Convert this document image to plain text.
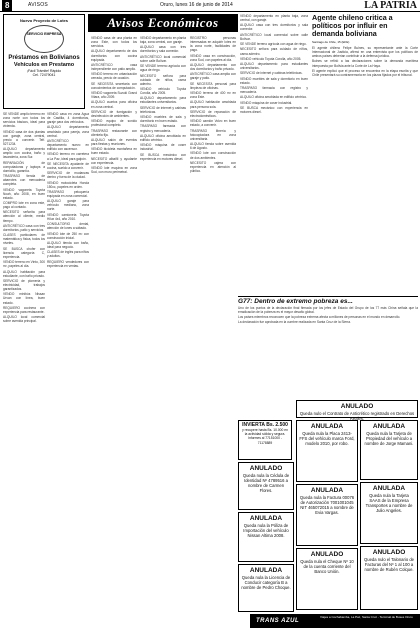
8	AVISOS	Oruro, lunes 16 de junio de 2014	LA PATRIA
Nuevo Proyecto de Lotes
SERVICIO EMPRESA
Préstamos en Bolivianos
Vehículos en Prestamo
¡Fácil Trámite! Rápido
Cel. 72479041
Avisos Económicos

SE VENDE amplio terreno en zona norte con todos los servicios básicos, ideal para vivienda.

VENDO casa de dos plantas con garaje, zona central, precio a convenir. Telf. 5271234.

ALQUILO departamento amplio con cocina, baño y lavandería, zona Sur.

REPARACIÓN de computadoras y laptops a domicilio, garantía.

TRASPASO tienda de abarrotes con mercadería completa.

VENDO vagoneta Toyota Noah, año 2008, en buen estado.

COMPRO lote en zona este, pago al contado.

NECESITO señorita para atención al cliente, medio tiempo.

ANTICRÉTICO casa con tres dormitorios, patio y servicios.

CLASES particulares de matemática y física, todos los niveles.

SE BUSCA chofer con licencia categoría C, experiencia.

VENDO terreno en Vinto, 300 m², papeles al día.

ALQUILO habitación para estudiante, con baño privado.

SERVICIO de plomería y electricidad, trabajos garantizados.

VENDO minibús Nissan Urvan con línea, buen estado.

REQUIERO cocinera con experiencia para restaurante.

ALQUILO local comercial sobre avenida principal.

VENDO casa en zona Agua de Castilla, 4 dormitorios, garaje para dos vehículos.

ALQUILO departamento amoblado para pareja, zona central.

ANTICRÉTICO departamento nuevo en edificio con ascensor.

VENDO terreno en carretera a La Paz, ideal para galpón.

SE NECESITA ayudante de cocina, sueldo a convenir.

SERVICIO de mudanzas dentro y fuera de la ciudad.

VENDO motocicleta Honda 150cc, papeles en orden.

TRASPASO peluquería equipada en zona comercial.

ALQUILO garaje para vehículo mediano, zona norte.

VENDO camioneta Toyota Hilux 4x4, año 2010.

CONSULTORIO dental, atención de lunes a sábado.

VENDO lote de 250 m² con construcción inicial.

ALQUILO tienda con baño, ideal para negocio.

CLASES de inglés para niños y adultos.

REQUIERO vendedores con experiencia en ventas.

VENDO casa de una planta en zona Este, con todos los servicios.

ALQUILO departamento de dos dormitorios con cocina equipada.

ANTICRÉTICO casa independiente con patio amplio.

VENDO terreno en urbanización cerrada, precio de ocasión.

SE NECESITA secretaria con conocimientos de computación.

VENDO vagoneta Suzuki Grand Vitara, año 2009.

ALQUILO cuartos para oficina en zona central.

SERVICIO de fumigación y desinfección de ambientes.

VENDO equipo de sonido profesional completo.

TRASPASO restaurante con clientela fija.

ALQUILO salón de eventos para fiestas y reuniones.

VENDO bicicleta montañera en buen estado.

NECESITO albañil y ayudante con experiencia.

VENDO lote esquina en zona Sud, con muro perimetral.

VENDO departamento en planta baja, zona central, con garaje.

ALQUILO casa con tres dormitorios y sala comedor.

ANTICRÉTICO local comercial sobre calle Bolívar.

SE VENDE terreno agrícola con agua de riego.

NECESITO señora para cuidado de niños, cama adentro.

VENDO vehículo Toyota Corolla, año 2005.

ALQUILO departamento para estudiantes universitarios.

SERVICIO de internet y cabinas telefónicas.

VENDO muebles de sala y dormitorio en buen estado.

TRASPASO farmacia con registro y mercadería.

ALQUILO oficina amoblada en edificio céntrico.

VENDO máquina de coser industrial.

SE BUSCA mecánico con experiencia en motores diesel.

REGISTRO personas interesadas en adquirir lotes en la zona norte, facilidades de pago.

VENDO casa en construcción, zona Sud, con papeles al día.

ALQUILO departamento con dos dormitorios y baño privado.

ANTICRÉTICO casa amplia con garaje y patio.

SE NECESITA personal para limpieza de oficinas.

VENDO terreno de 400 m² en zona Este.

ALQUILO habitación amoblada para persona sola.

SERVICIO de reparación de electrodomésticos.

VENDO camión Volvo en buen estado, a convenir.

TRASPASO librería y fotocopiadora en zona universitaria.

ALQUILO tienda sobre avenida 6 de Agosto.

VENDO lote con construcción de dos ambientes.

NECESITO cajera con experiencia en atención al público.

VENDO departamento en planta baja, zona central, con garaje.

ALQUILO casa con tres dormitorios y sala comedor.

ANTICRÉTICO local comercial sobre calle Bolívar.

SE VENDE terreno agrícola con agua de riego.

NECESITO señora para cuidado de niños, cama adentro.

VENDO vehículo Toyota Corolla, año 2005.

ALQUILO departamento para estudiantes universitarios.

SERVICIO de internet y cabinas telefónicas.

VENDO muebles de sala y dormitorio en buen estado.

TRASPASO farmacia con registro y mercadería.

ALQUILO oficina amoblada en edificio céntrico.

VENDO máquina de coser industrial.

SE BUSCA mecánico con experiencia en motores diesel.

Agente chileno critica a políticos por influir en demanda boliviana
Santiago de Chile, 15 (EFE)

El agente chileno Felipe Bulnes, su representante ante la Corte Internacional de Justicia, afirmó en una entrevista que los políticos de ambos países deberían contribuir a la defensa jurídica.

Bulnes se refirió a las declaraciones sobre la demanda marítima interpuesta por Bolivia ante la Corte de La Haya.

El agente explicó que el proceso se encuentra en la etapa escrita y que Chile presentará su contramemoria en los plazos fijados por el tribunal.

G77: Dentro de extremo pobreza es...

Uno de los puntos de la declaración final firmada por los jefes de Estado del Grupo de los 77 más China señala que la erradicación de la pobreza es el mayor desafío global.

Los países miembros reconocen que la pobreza extrema afecta a millones de personas en el mundo en desarrollo.

La declaración fue aprobada en la cumbre realizada en Santa Cruz de la Sierra.

INVIERTA Bs. 2.500
y recupere hasta Bs. 10.000 en la actividad sólida y segura. Informes al 77151000 - 71178889
ANULADA
Queda nula la Placa 2413-FFS del vehículo marca Ford, modelo 2010, por robo.
ANULADA
Queda nula la Factura 00076 de Autorización 7001001045 NIT 465072015 a nombre de Evia Vargas.
ANULADO
Queda nula el Cheque Nº 10 de la cuenta corriente del Banco Unión.
ANULADA
Queda nula la Tarjeta de Propiedad del vehículo a nombre de Jorge Mamani.
ANULADA
Queda nula la Tarjeta SAAS de la Empresa Transportes a nombre de Julio Angeles.
ANULADO
Queda nulo el Talonario de Facturas del Nº 1 al 100 a nombre de Rubén Colque.
ANULADO
Queda nula la Cédula de Identidad Nº 4789516 a nombre de Carmen Flores.
ANULADA
Queda nula la Póliza de Importación del vehículo Nissan Altima 2008.
ANULADA
Queda nula la Licencia de Conducir categoría B a nombre de Pedro Choque.
ANULADO
Queda nulo el Contrato de Anticrético registrado en Derechos Reales.
TRANS AZUL
Viajes a Cochabamba, La Paz, Santa Cruz - Terminal de Buses Oruro
